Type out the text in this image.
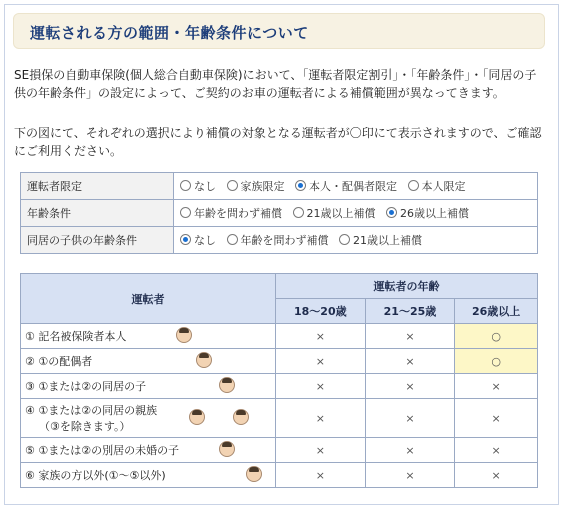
運転される方の範囲・年齢条件について
SE損保の自動車保険(個人総合自動車保険)において、「運転者限定割引」・「年齢条件」・「同居の子供の年齢条件」の設定によって、ご契約のお車の運転者による補償範囲が異なってきます。
下の図にて、それぞれの選択により補償の対象となる運転者が〇印にて表示されますので、ご確認にご利用ください。
運転者限定	なし
家族限定
本人・配偶者限定
本人限定

年齢条件	年齢を問わず補償
21歳以上補償
26歳以上補償

同居の子供の年齢条件	なし
年齢を問わず補償
21歳以上補償
運転者	運転者の年齢		
	18～20歳	21～25歳	26歳以上
① 記名被保険者本人	×	×	○
② ①の配偶者	×	×	○
③ ①または②の同居の子	×	×	×

④ ①または②の同居の親族
（③を除きます。）	×	×	×
⑤ ①または②の別居の未婚の子	×	×	×
⑥ 家族の方以外(①～⑤以外)	×	×	×
